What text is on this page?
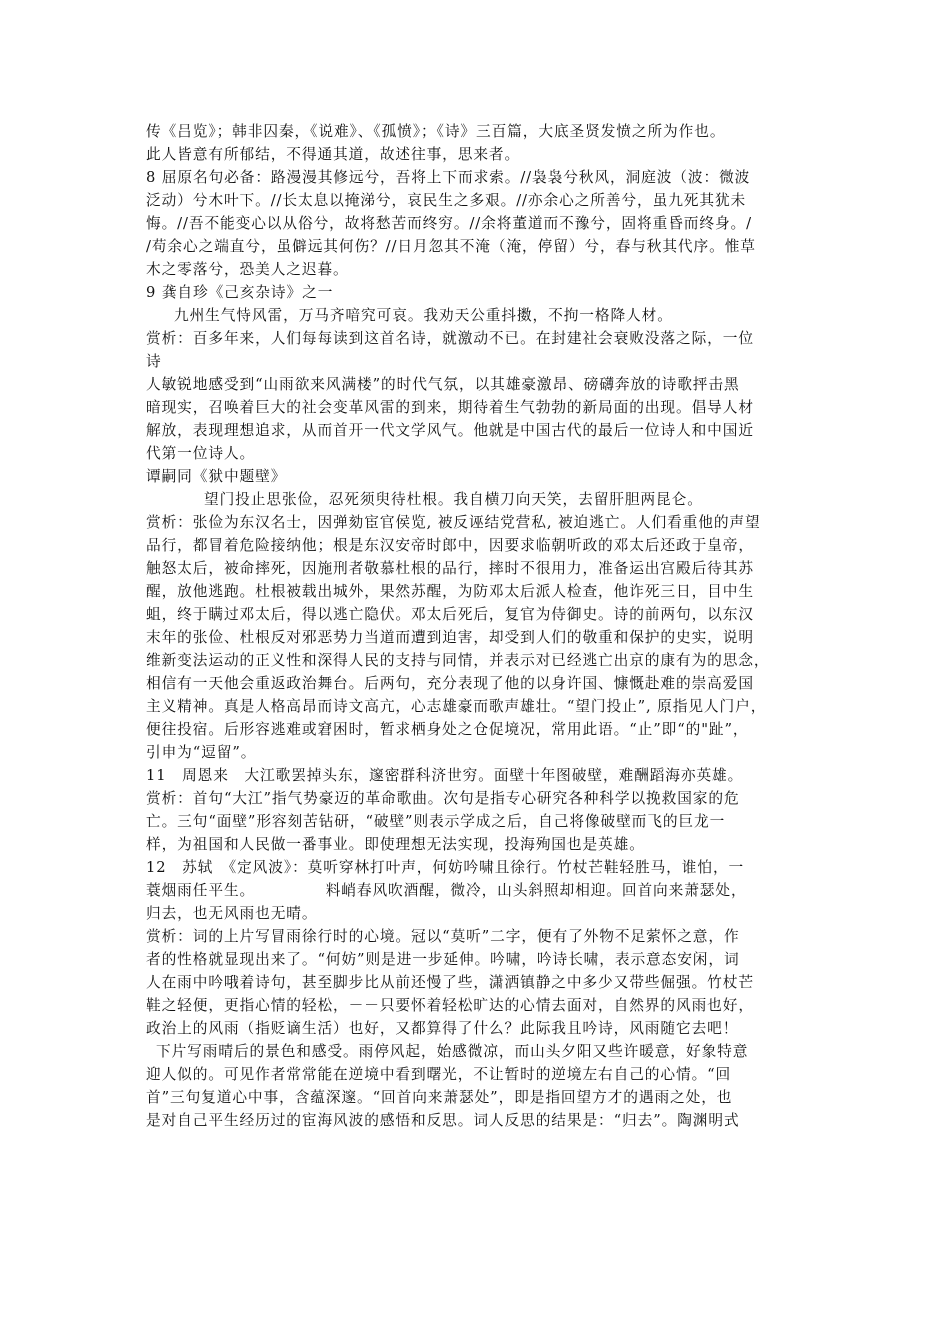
传《吕览》；韩非囚秦，《说难》、《孤愤》；《诗》三百篇，大底圣贤发愤之所为作也。
此人皆意有所郁结，不得通其道，故述往事，思来者。
8 屈原名句必备：路漫漫其修远兮，吾将上下而求索。//袅袅兮秋风，洞庭波（波：微波
泛动）兮木叶下。//长太息以掩涕兮，哀民生之多艰。//亦余心之所善兮，虽九死其犹未
悔。//吾不能变心以从俗兮，故将愁苦而终穷。//余将董道而不豫兮，固将重昏而终身。/
/苟余心之端直兮，虽僻远其何伤？//日月忽其不淹（淹，停留）兮，春与秋其代序。惟草
木之零落兮，恐美人之迟暮。
9 龚自珍《己亥杂诗》之一
九州生气恃风雷，万马齐喑究可哀。我劝天公重抖擞，不拘一格降人材。
赏析：百多年来，人们每每读到这首名诗，就激动不已。在封建社会衰败没落之际，一位
诗
人敏锐地感受到“山雨欲来风满楼”的时代气氛，以其雄豪激昂、磅礴奔放的诗歌抨击黑
暗现实，召唤着巨大的社会变革风雷的到来，期待着生气勃勃的新局面的出现。倡导人材
解放，表现理想追求，从而首开一代文学风气。他就是中国古代的最后一位诗人和中国近
代第一位诗人。
谭嗣同《狱中题壁》
望门投止思张俭，忍死须臾待杜根。我自横刀向天笑，去留肝胆两昆仑。
赏析：张俭为东汉名士，因弹劾宦官侯览, 被反诬结党营私, 被迫逃亡。人们看重他的声望
品行，都冒着危险接纳他；根是东汉安帝时郎中，因要求临朝听政的邓太后还政于皇帝，
触怒太后，被命摔死，因施刑者敬慕杜根的品行，摔时不很用力，准备运出宫殿后待其苏
醒，放他逃跑。杜根被载出城外，果然苏醒，为防邓太后派人检查，他诈死三日，目中生
蛆，终于瞒过邓太后，得以逃亡隐伏。邓太后死后，复官为侍御史。诗的前两句，以东汉
末年的张俭、杜根反对邪恶势力当道而遭到迫害，却受到人们的敬重和保护的史实，说明
维新变法运动的正义性和深得人民的支持与同情，并表示对已经逃亡出京的康有为的思念，
相信有一天他会重返政治舞台。后两句，充分表现了他的以身许国、慷慨赴难的崇高爱国
主义精神。真是人格高昂而诗文高亢，心志雄豪而歌声雄壮。“望门投止”, 原指见人门户，
便往投宿。后形容逃难或窘困时，暂求栖身处之仓促境况，常用此语。“止”即“的"趾”，
引申为“逗留”。
11　周恩来　大江歌罢掉头东，邃密群科济世穷。面壁十年图破壁，难酬蹈海亦英雄。
赏析：首句“大江”指气势豪迈的革命歌曲。次句是指专心研究各种科学以挽救国家的危
亡。三句“面壁”形容刻苦钻研，“破壁”则表示学成之后，自己将像破壁而飞的巨龙一
样，为祖国和人民做一番事业。即使理想无法实现，投海殉国也是英雄。
12　苏轼　《定风波》：莫听穿林打叶声，何妨吟啸且徐行。竹杖芒鞋轻胜马，谁怕，一
蓑烟雨任平生。　　　　　料峭春风吹酒醒，微冷，山头斜照却相迎。回首向来萧瑟处，
归去，也无风雨也无晴。
赏析：词的上片写冒雨徐行时的心境。冠以“莫听”二字，便有了外物不足萦怀之意，作
者的性格就显现出来了。“何妨”则是进一步延伸。吟啸，吟诗长啸，表示意态安闲，词
人在雨中吟哦着诗句，甚至脚步比从前还慢了些，潇洒镇静之中多少又带些倔强。竹杖芒
鞋之轻便，更指心情的轻松，－－只要怀着轻松旷达的心情去面对，自然界的风雨也好，
政治上的风雨（指贬谪生活）也好，又都算得了什么？此际我且吟诗，风雨随它去吧！
下片写雨晴后的景色和感受。雨停风起，始感微凉，而山头夕阳又些许暖意，好象特意
迎人似的。可见作者常常能在逆境中看到曙光，不让暂时的逆境左右自己的心情。“回
首”三句复道心中事，含蕴深邃。“回首向来萧瑟处”，即是指回望方才的遇雨之处，也
是对自己平生经历过的宦海风波的感悟和反思。词人反思的结果是：“归去”。陶渊明式
